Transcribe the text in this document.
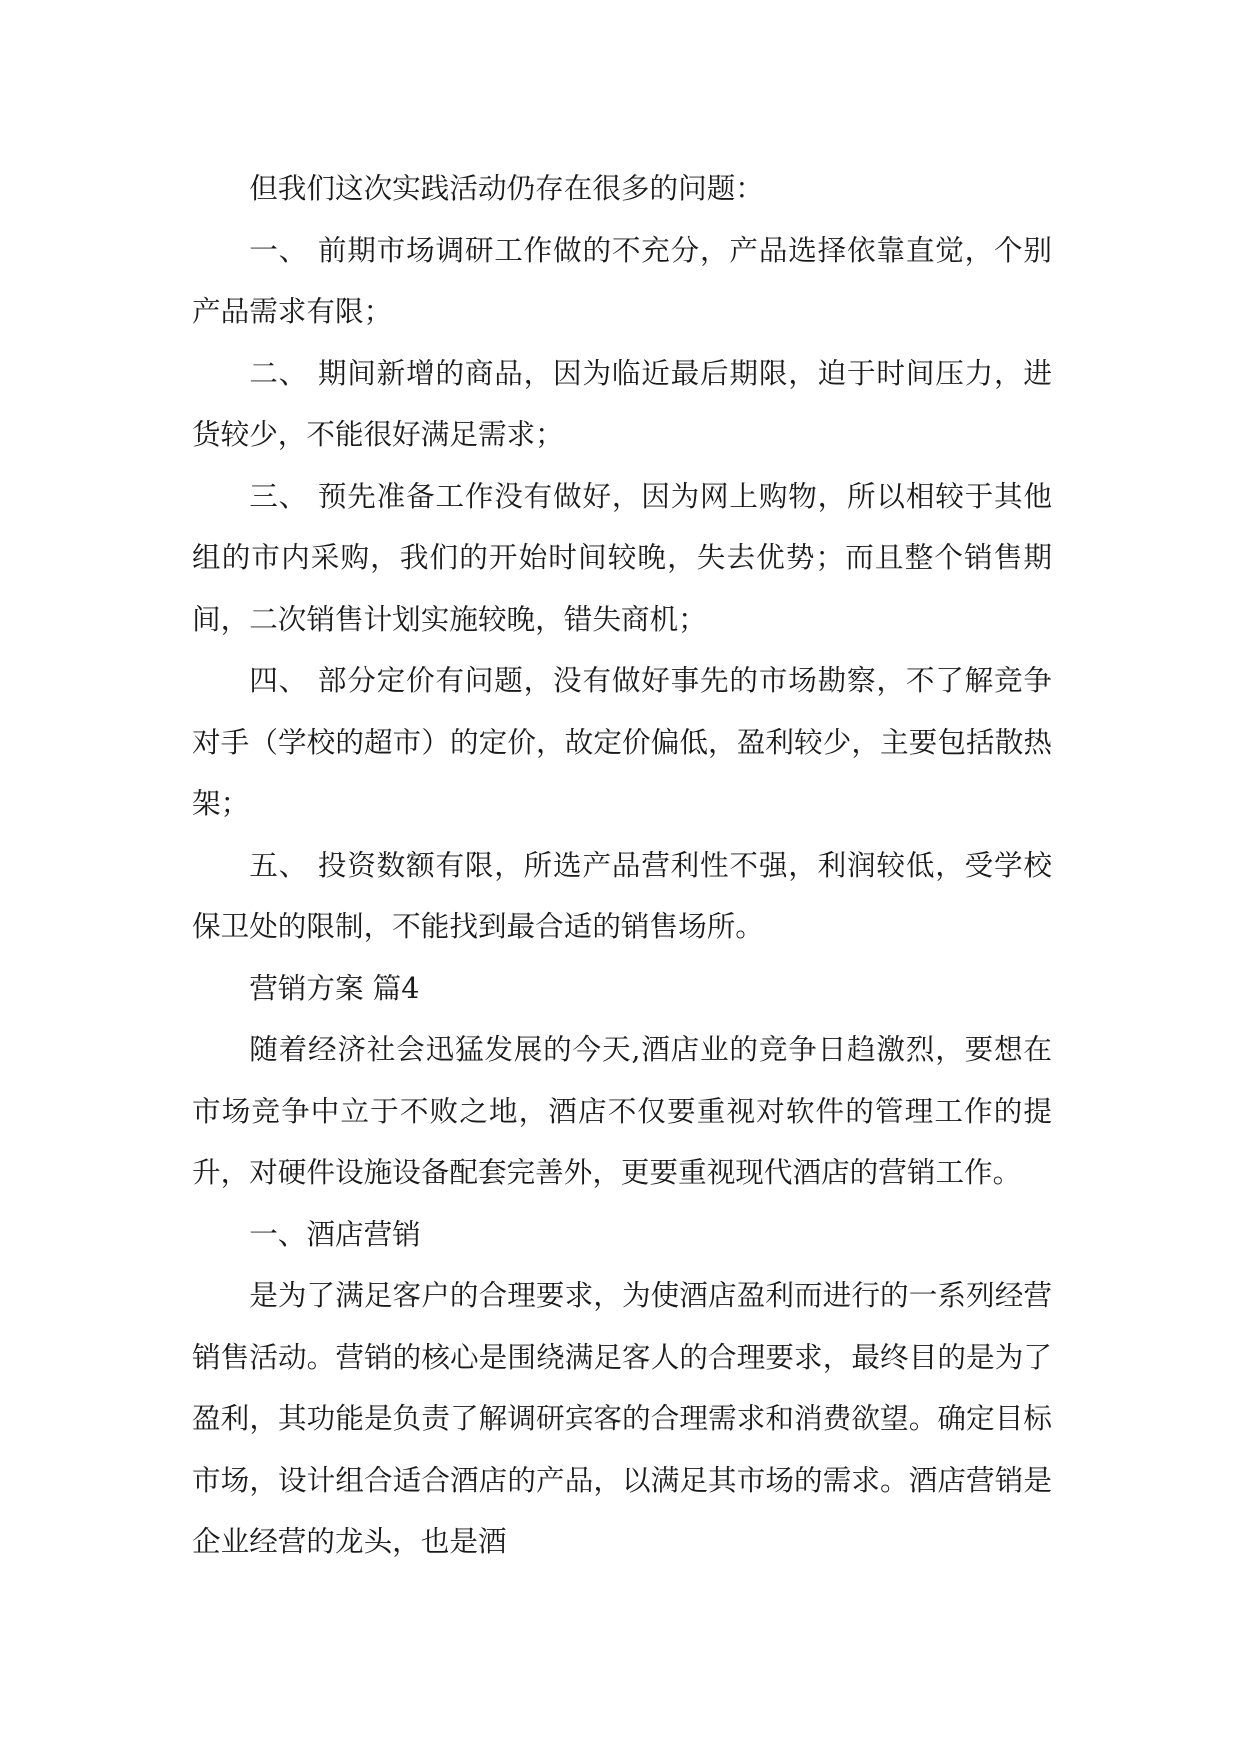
但我们这次实践活动仍存在很多的问题：

一、 前期市场调研工作做的不充分，产品选择依靠直觉，个别产品需求有限；

二、 期间新增的商品，因为临近最后期限，迫于时间压力，进货较少，不能很好满足需求；

三、 预先准备工作没有做好，因为网上购物，所以相较于其他组的市内采购，我们的开始时间较晚，失去优势；而且整个销售期间，二次销售计划实施较晚，错失商机；

四、 部分定价有问题，没有做好事先的市场勘察，不了解竞争对手（学校的超市）的定价，故定价偏低，盈利较少，主要包括散热架；

五、 投资数额有限，所选产品营利性不强，利润较低，受学校保卫处的限制，不能找到最合适的销售场所。

营销方案 篇4

随着经济社会迅猛发展的今天,酒店业的竞争日趋激烈，要想在市场竞争中立于不败之地，酒店不仅要重视对软件的管理工作的提升，对硬件设施设备配套完善外，更要重视现代酒店的营销工作。

一、酒店营销

是为了满足客户的合理要求，为使酒店盈利而进行的一系列经营销售活动。营销的核心是围绕满足客人的合理要求，最终目的是为了盈利，其功能是负责了解调研宾客的合理需求和消费欲望。确定目标市场，设计组合适合酒店的产品，以满足其市场的需求。酒店营销是企业经营的龙头，也是酒
